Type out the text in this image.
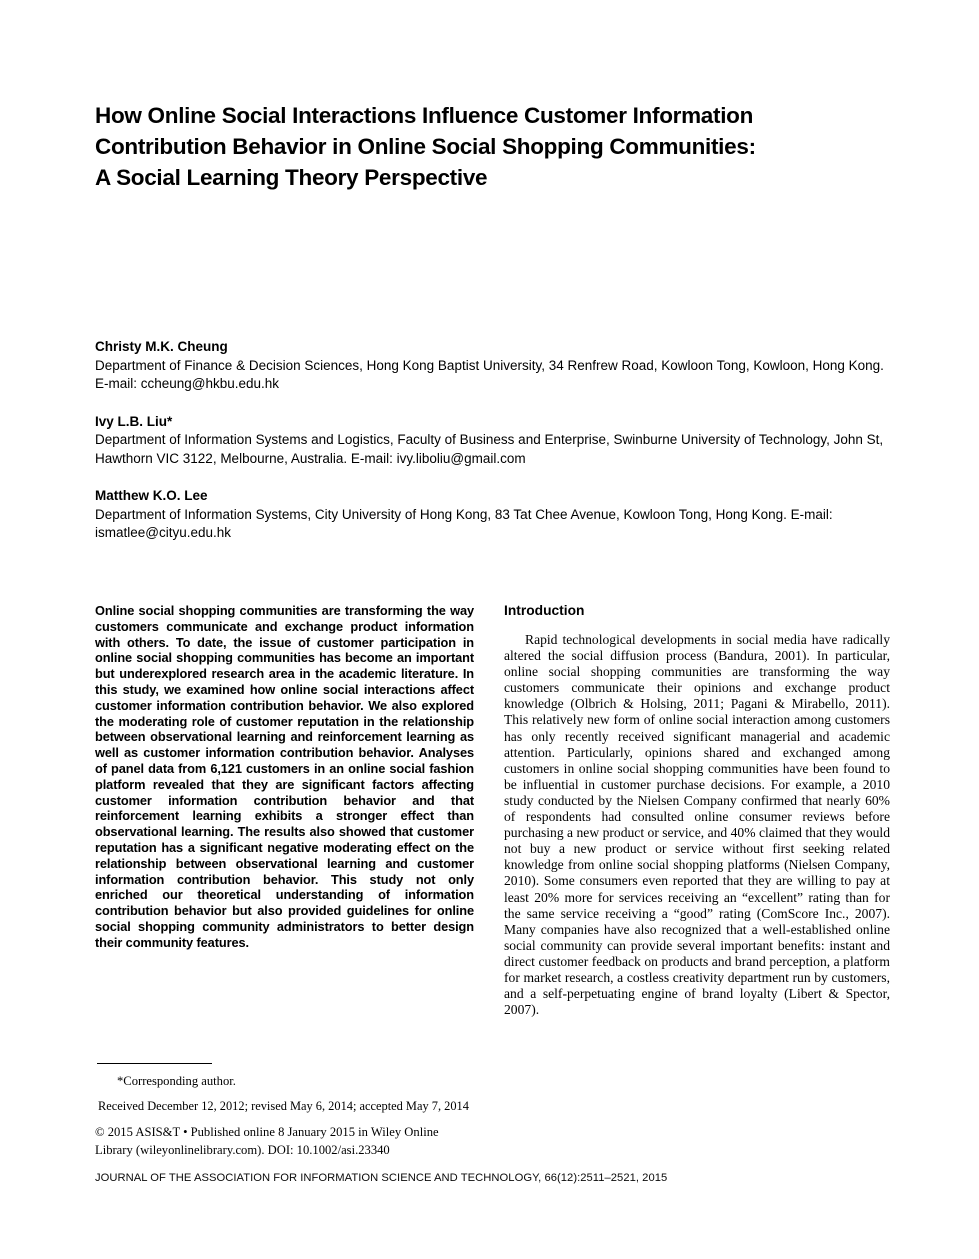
How Online Social Interactions Influence Customer Information Contribution Behavior in Online Social Shopping Communities: A Social Learning Theory Perspective
Christy M.K. Cheung
Department of Finance & Decision Sciences, Hong Kong Baptist University, 34 Renfrew Road, Kowloon Tong, Kowloon, Hong Kong. E-mail: ccheung@hkbu.edu.hk
Ivy L.B. Liu*
Department of Information Systems and Logistics, Faculty of Business and Enterprise, Swinburne University of Technology, John St, Hawthorn VIC 3122, Melbourne, Australia. E-mail: ivy.liboliu@gmail.com
Matthew K.O. Lee
Department of Information Systems, City University of Hong Kong, 83 Tat Chee Avenue, Kowloon Tong, Hong Kong. E-mail: ismatlee@cityu.edu.hk

Online social shopping communities are transforming the way customers communicate and exchange product information with others. To date, the issue of customer participation in online social shopping communities has become an important but underexplored research area in the academic literature. In this study, we examined how online social interactions affect customer information contribution behavior. We also explored the moderating role of customer reputation in the relationship between observational learning and reinforcement learning as well as customer information contribution behavior. Analyses of panel data from 6,121 customers in an online social fashion platform revealed that they are significant factors affecting customer information contribution behavior and that reinforcement learning exhibits a stronger effect than observational learning. The results also showed that customer reputation has a significant negative moderating effect on the relationship between observational learning and customer information contribution behavior. This study not only enriched our theoretical understanding of information contribution behavior but also provided guidelines for online social shopping community administrators to better design their community features.

*Corresponding author.

Received December 12, 2012; revised May 6, 2014; accepted May 7, 2014

© 2015 ASIS&T • Published online 8 January 2015 in Wiley Online Library (wileyonlinelibrary.com). DOI: 10.1002/asi.23340

Introduction

Rapid technological developments in social media have radically altered the social diffusion process (Bandura, 2001). In particular, online social shopping communities are transforming the way customers communicate their opinions and exchange product knowledge (Olbrich & Holsing, 2011; Pagani & Mirabello, 2011). This relatively new form of online social interaction among customers has only recently received significant managerial and academic attention. Particularly, opinions shared and exchanged among customers in online social shopping communities have been found to be influential in customer purchase decisions. For example, a 2010 study conducted by the Nielsen Company confirmed that nearly 60% of respondents had consulted online consumer reviews before purchasing a new product or service, and 40% claimed that they would not buy a new product or service without first seeking related knowledge from online social shopping platforms (Nielsen Company, 2010). Some consumers even reported that they are willing to pay at least 20% more for services receiving an “excellent” rating than for the same service receiving a “good” rating (ComScore Inc., 2007). Many companies have also recognized that a well-established online social community can provide several important benefits: instant and direct customer feedback on products and brand perception, a platform for market research, a costless creativity department run by customers, and a self-perpetuating engine of brand loyalty (Libert & Spector, 2007).

JOURNAL OF THE ASSOCIATION FOR INFORMATION SCIENCE AND TECHNOLOGY, 66(12):2511–2521, 2015
